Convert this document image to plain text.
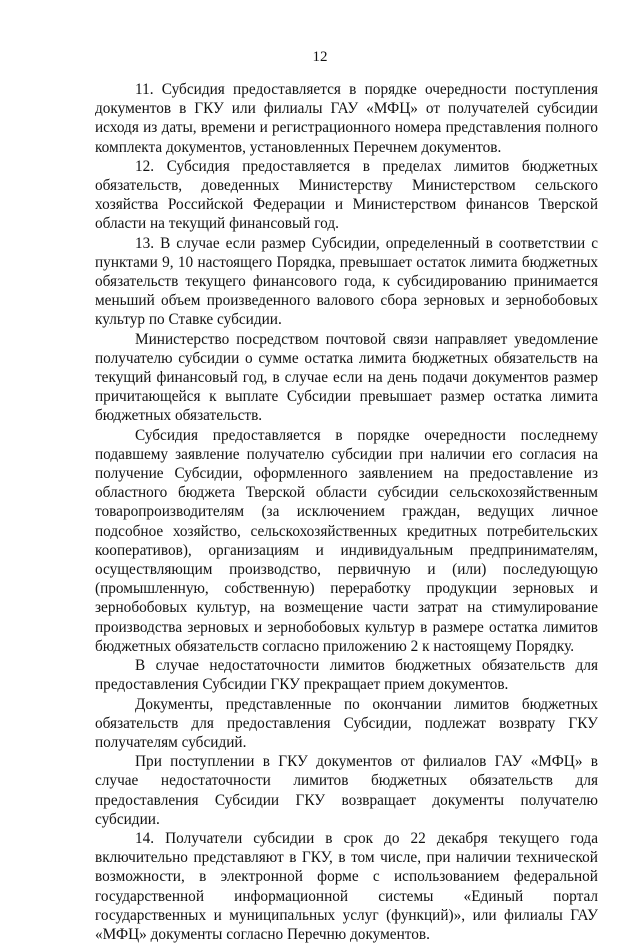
12

11. Субсидия предоставляется в порядке очередности поступления документов в ГКУ или филиалы ГАУ «МФЦ» от получателей субсидии исходя из даты, времени и регистрационного номера представления полного комплекта документов, установленных Перечнем документов.

12. Субсидия предоставляется в пределах лимитов бюджетных обязательств, доведенных Министерству Министерством сельского хозяйства Российской Федерации и Министерством финансов Тверской области на текущий финансовый год.

13. В случае если размер Субсидии, определенный в соответствии с пунктами 9, 10 настоящего Порядка, превышает остаток лимита бюджетных обязательств текущего финансового года, к субсидированию принимается меньший объем произведенного валового сбора зерновых и зернобобовых культур по Ставке субсидии.

Министерство посредством почтовой связи направляет уведомление получателю субсидии о сумме остатка лимита бюджетных обязательств на текущий финансовый год, в случае если на день подачи документов размер причитающейся к выплате Субсидии превышает размер остатка лимита бюджетных обязательств.

Субсидия предоставляется в порядке очередности последнему подавшему заявление получателю субсидии при наличии его согласия на получение Субсидии, оформленного заявлением на предоставление из областного бюджета Тверской области субсидии сельскохозяйственным товаропроизводителям (за исключением граждан, ведущих личное подсобное хозяйство, сельскохозяйственных кредитных потребительских кооперативов), организациям и индивидуальным предпринимателям, осуществляющим производство, первичную и (или) последующую (промышленную, собственную) переработку продукции зерновых и зернобобовых культур, на возмещение части затрат на стимулирование производства зерновых и зернобобовых культур в размере остатка лимитов бюджетных обязательств согласно приложению 2 к настоящему Порядку.

В случае недостаточности лимитов бюджетных обязательств для предоставления Субсидии ГКУ прекращает прием документов.

Документы, представленные по окончании лимитов бюджетных обязательств для предоставления Субсидии, подлежат возврату ГКУ получателям субсидий.

При поступлении в ГКУ документов от филиалов ГАУ «МФЦ» в случае недостаточности лимитов бюджетных обязательств для предоставления Субсидии ГКУ возвращает документы получателю субсидии.

14. Получатели субсидии в срок до 22 декабря текущего года включительно представляют в ГКУ, в том числе, при наличии технической возможности, в электронной форме с использованием федеральной государственной информационной системы «Единый портал государственных и муниципальных услуг (функций)», или филиалы ГАУ «МФЦ» документы согласно Перечню документов.
